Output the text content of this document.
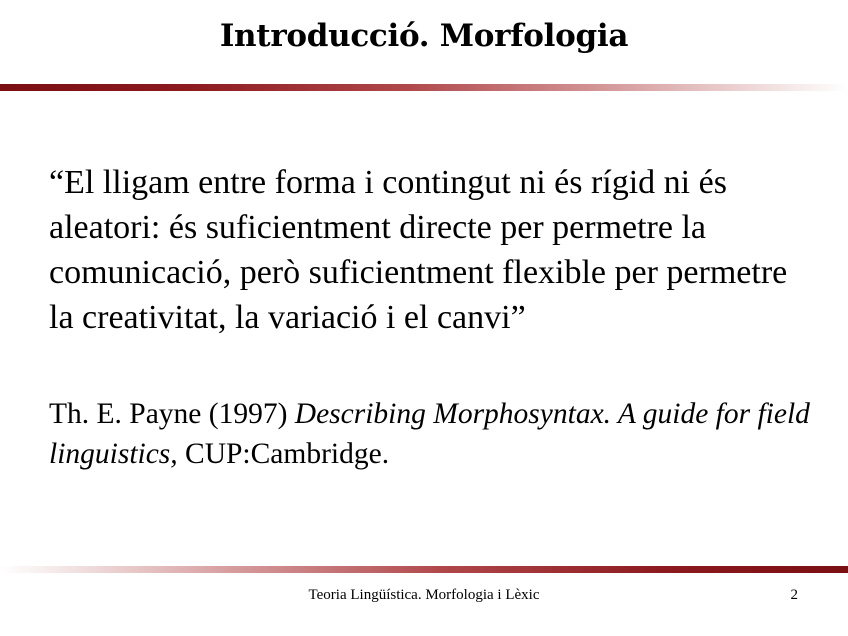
Introducció. Morfologia

“El lligam entre forma i contingut ni és rígid ni és aleatori: és suficientment directe per permetre la comunicació, però suficientment flexible per permetre la creativitat, la variació i el canvi”

Th. E. Payne (1997) Describing Morphosyntax. A guide for field linguistics, CUP:Cambridge.

Teoria Lingüística. Morfologia i Lèxic	2
